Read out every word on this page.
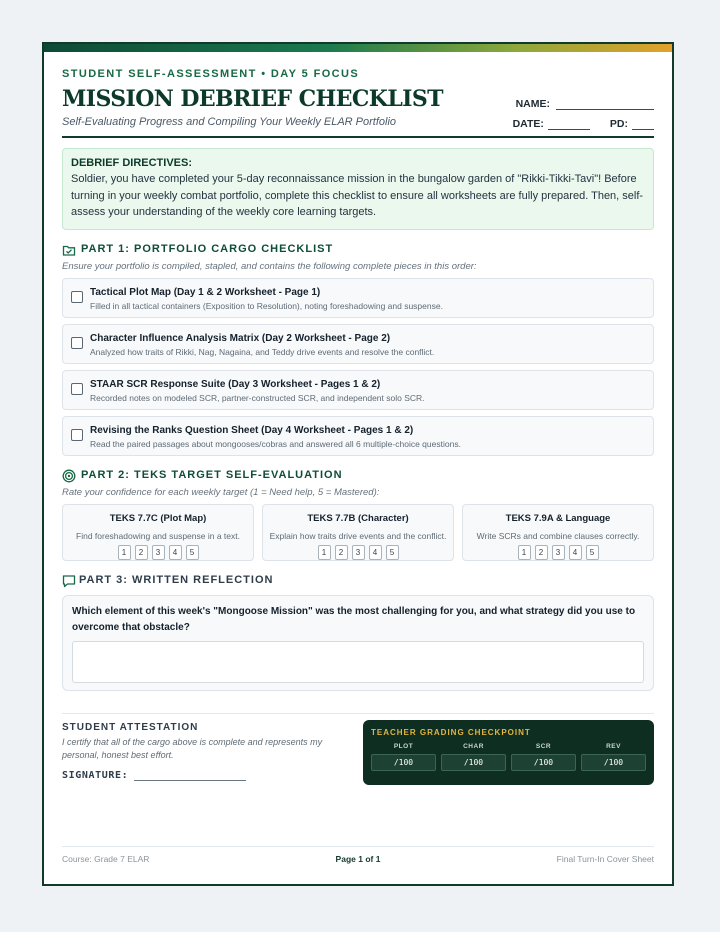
STUDENT SELF-ASSESSMENT • DAY 5 FOCUS
MISSION DEBRIEF CHECKLIST
Self-Evaluating Progress and Compiling Your Weekly ELAR Portfolio
NAME:
DATE:	PD:
DEBRIEF DIRECTIVES:
Soldier, you have completed your 5-day reconnaissance mission in the bungalow garden of "Rikki-Tikki-Tavi"! Before turning in your weekly combat portfolio, complete this checklist to ensure all worksheets are fully prepared. Then, self-assess your understanding of the weekly core learning targets.
PART 1: PORTFOLIO CARGO CHECKLIST
Ensure your portfolio is compiled, stapled, and contains the following complete pieces in this order:
Tactical Plot Map (Day 1 & 2 Worksheet - Page 1)
Filled in all tactical containers (Exposition to Resolution), noting foreshadowing and suspense.
Character Influence Analysis Matrix (Day 2 Worksheet - Page 2)
Analyzed how traits of Rikki, Nag, Nagaina, and Teddy drive events and resolve the conflict.
STAAR SCR Response Suite (Day 3 Worksheet - Pages 1 & 2)
Recorded notes on modeled SCR, partner-constructed SCR, and independent solo SCR.
Revising the Ranks Question Sheet (Day 4 Worksheet - Pages 1 & 2)
Read the paired passages about mongooses/cobras and answered all 6 multiple-choice questions.
PART 2: TEKS TARGET SELF-EVALUATION
Rate your confidence for each weekly target (1 = Need help, 5 = Mastered):
TEKS 7.7C (Plot Map)
Find foreshadowing and suspense in a text.
1	2	3	4	5
TEKS 7.7B (Character)
Explain how traits drive events and the conflict.
1	2	3	4	5
TEKS 7.9A & Language
Write SCRs and combine clauses correctly.
1	2	3	4	5
PART 3: WRITTEN REFLECTION
Which element of this week's "Mongoose Mission" was the most challenging for you, and what strategy did you use to overcome that obstacle?
STUDENT ATTESTATION
I certify that all of the cargo above is complete and represents my personal, honest best effort.
SIGNATURE:
TEACHER GRADING CHECKPOINT
PLOT
/100
CHAR
/100
SCR
/100
REV
/100
Course: Grade 7 ELAR	Page 1 of 1	Final Turn-In Cover Sheet
